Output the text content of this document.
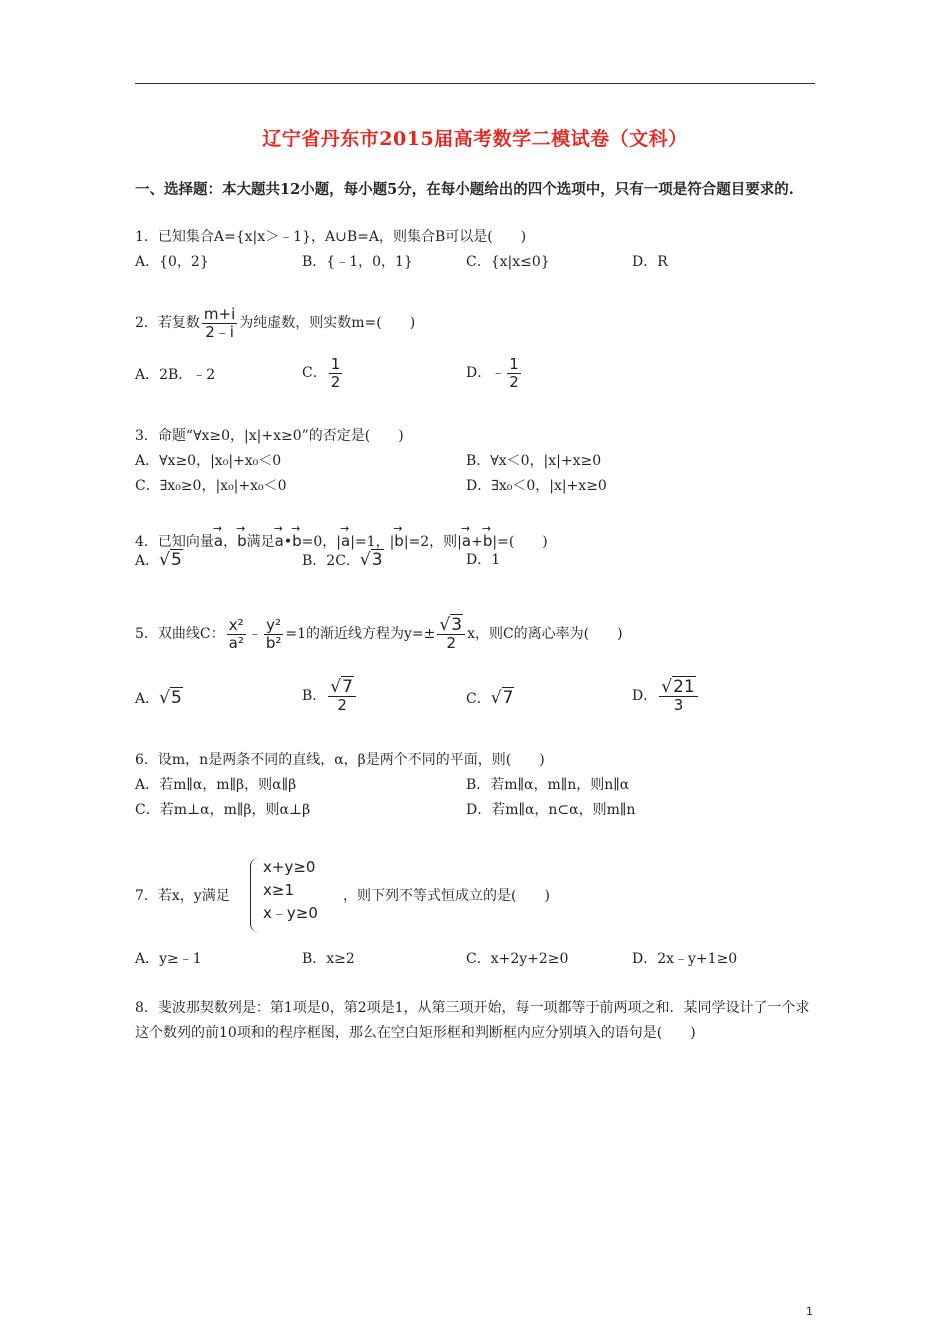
辽宁省丹东市2015届高考数学二模试卷（文科）
一、选择题：本大题共12小题，每小题5分，在每小题给出的四个选项中，只有一项是符合题目要求的.
1．已知集合A={x|x＞﹣1}，A∪B=A，则集合B可以是(　　)
A．{0，2}	B．{﹣1，0，1}	C．{x|x≤0}	D．R
2．若复数 $\frac{m+i}{2﹣i}$ 为纯虚数，则实数m=(　　)
A．2B．﹣2	C． $\frac{1}{2}$	D．﹣ $\frac{1}{2}$
3．命题“∀x≥0，|x|+x≥0”的否定是(　　)
A．∀x≥0，|x₀|+x₀＜0	B．∀x＜0，|x|+x≥0
C．∃x₀≥0，|x₀|+x₀＜0	D．∃x₀＜0，|x|+x≥0
4．已知向量→ a，→ b满足→ a•→ b=0，|→ a|=1，|→ b|=2，则|→ a+→ b|=(　　)
A．√5	B．2C．√3	D．1
5．双曲线C： $\frac{\text{x²}}{\text{a²}}$ ﹣ $\frac{\text{y²}}{\text{b²}} =1$的渐近线方程为$y=\pm \frac{√3}{2}$ x，则C的离心率为(　　)
A．√5	B． $\frac{√7}{2}$	C．√7	D． $\frac{√21}{3}$
6．设m，n是两条不同的直线，α，β是两个不同的平面，则(　　)
A．若m∥α，m∥β，则α∥β	B．若m∥α，m∥n，则n∥α
C．若m⊥α，m∥β，则α⊥β	D．若m∥α，n⊂α，则m∥n
7．若x，y满足
x+y≥0
x≥1
x﹣y≥0
，则下列不等式恒成立的是(　　)
A．y≥﹣1	B．x≥2	C．x+2y+2≥0	D．2x﹣y+1≥0
8．斐波那契数列是：第1项是0，第2项是1，从第三项开始，每一项都等于前两项之和．某同学设计了一个求这个数列的前10项和的程序框图，那么在空白矩形框和判断框内应分别填入的语句是(　　)
1
